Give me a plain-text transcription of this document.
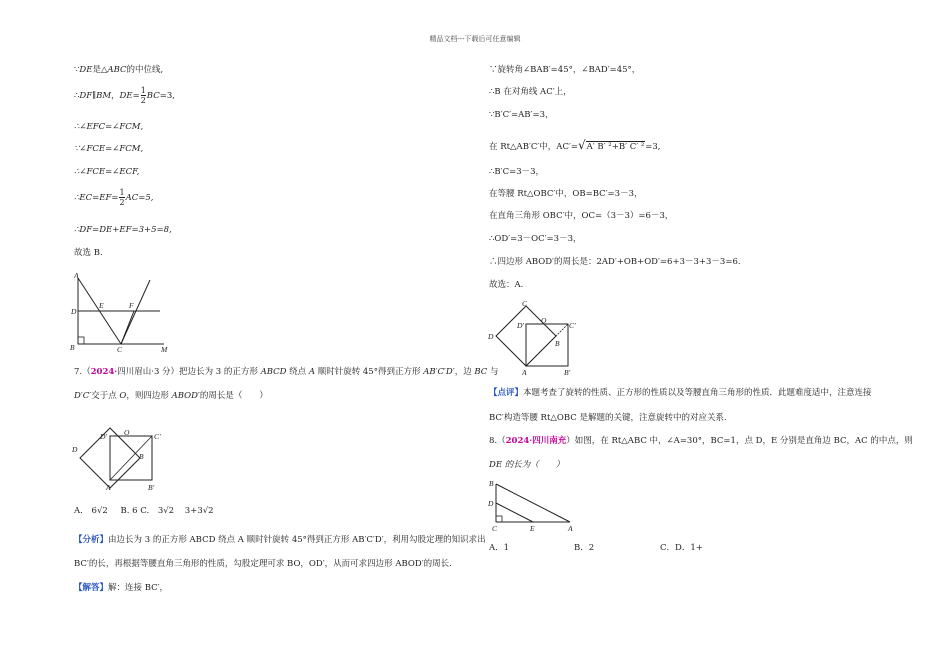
精品文档---下载后可任意编辑
∵DE是△ABC的中位线,
∴DF∥BM，$DE= \frac{1}{2}BC=3$,
∴∠EFC=∠FCM,
∵∠FCE=∠FCM,
∴∠FCE=∠ECF,
∴EC=EF= $\frac{1}{2}AC=5$,
∴DF=DE+EF=3+5=8,
故选 B.
A
E	F
D
B	C	M
7.（2024·四川眉山·3 分）把边长为 3 的正方形 ABCD 绕点 A 顺时针旋转 45°得到正方形 AB′C′D′，边 BC 与
D′C′交于点 O，则四边形 ABOD′的周长是（　　）
D
D′ O	C′
B
A	B′
A. 6√2 B. 6 C. 3√2 3+3√2
【分析】由边长为 3 的正方形 ABCD 绕点 A 顺时针旋转 45°得到正方形 AB′C′D′，利用勾股定理的知识求出
BC′的长，再根据等腰直角三角形的性质，勾股定理可求 BO，OD′，从而可求四边形 ABOD′的周长.
【解答】解：连接 BC′，
∵旋转角∠BAB′=45°，∠BAD′=45°，
∴B 在对角线 AC′上，
∵B′C′=AB′=3，
在 Rt△AB′C′中，AC′=√A′ B′ ²+B′ C′ ²=3,
∴B′C=3－3，
在等腰 Rt△OBC′中，OB=BC′=3－3，
在直角三角形 OBC′中，OC=（3－3）=6－3，
∴OD′=3－OC′=3－3，
∴四边形 ABOD′的周长是：2AD′+OB+OD′=6+3－3+3－3=6.
故选：A.
C
D′
O
C′
D
B
A	B′
【点评】本题考查了旋转的性质、正方形的性质以及等腰直角三角形的性质．此题难度适中，注意连接
BC′构造等腰 Rt△OBC 是解题的关键，注意旋转中的对应关系.
8.（2024·四川南充）如图，在 Rt△ABC 中，∠A=30°，BC=1，点 D，E 分别是直角边 BC，AC 的中点，则
DE 的长为（　　）
B
D
C	E	A
A．1	B．2	C．D．1+
